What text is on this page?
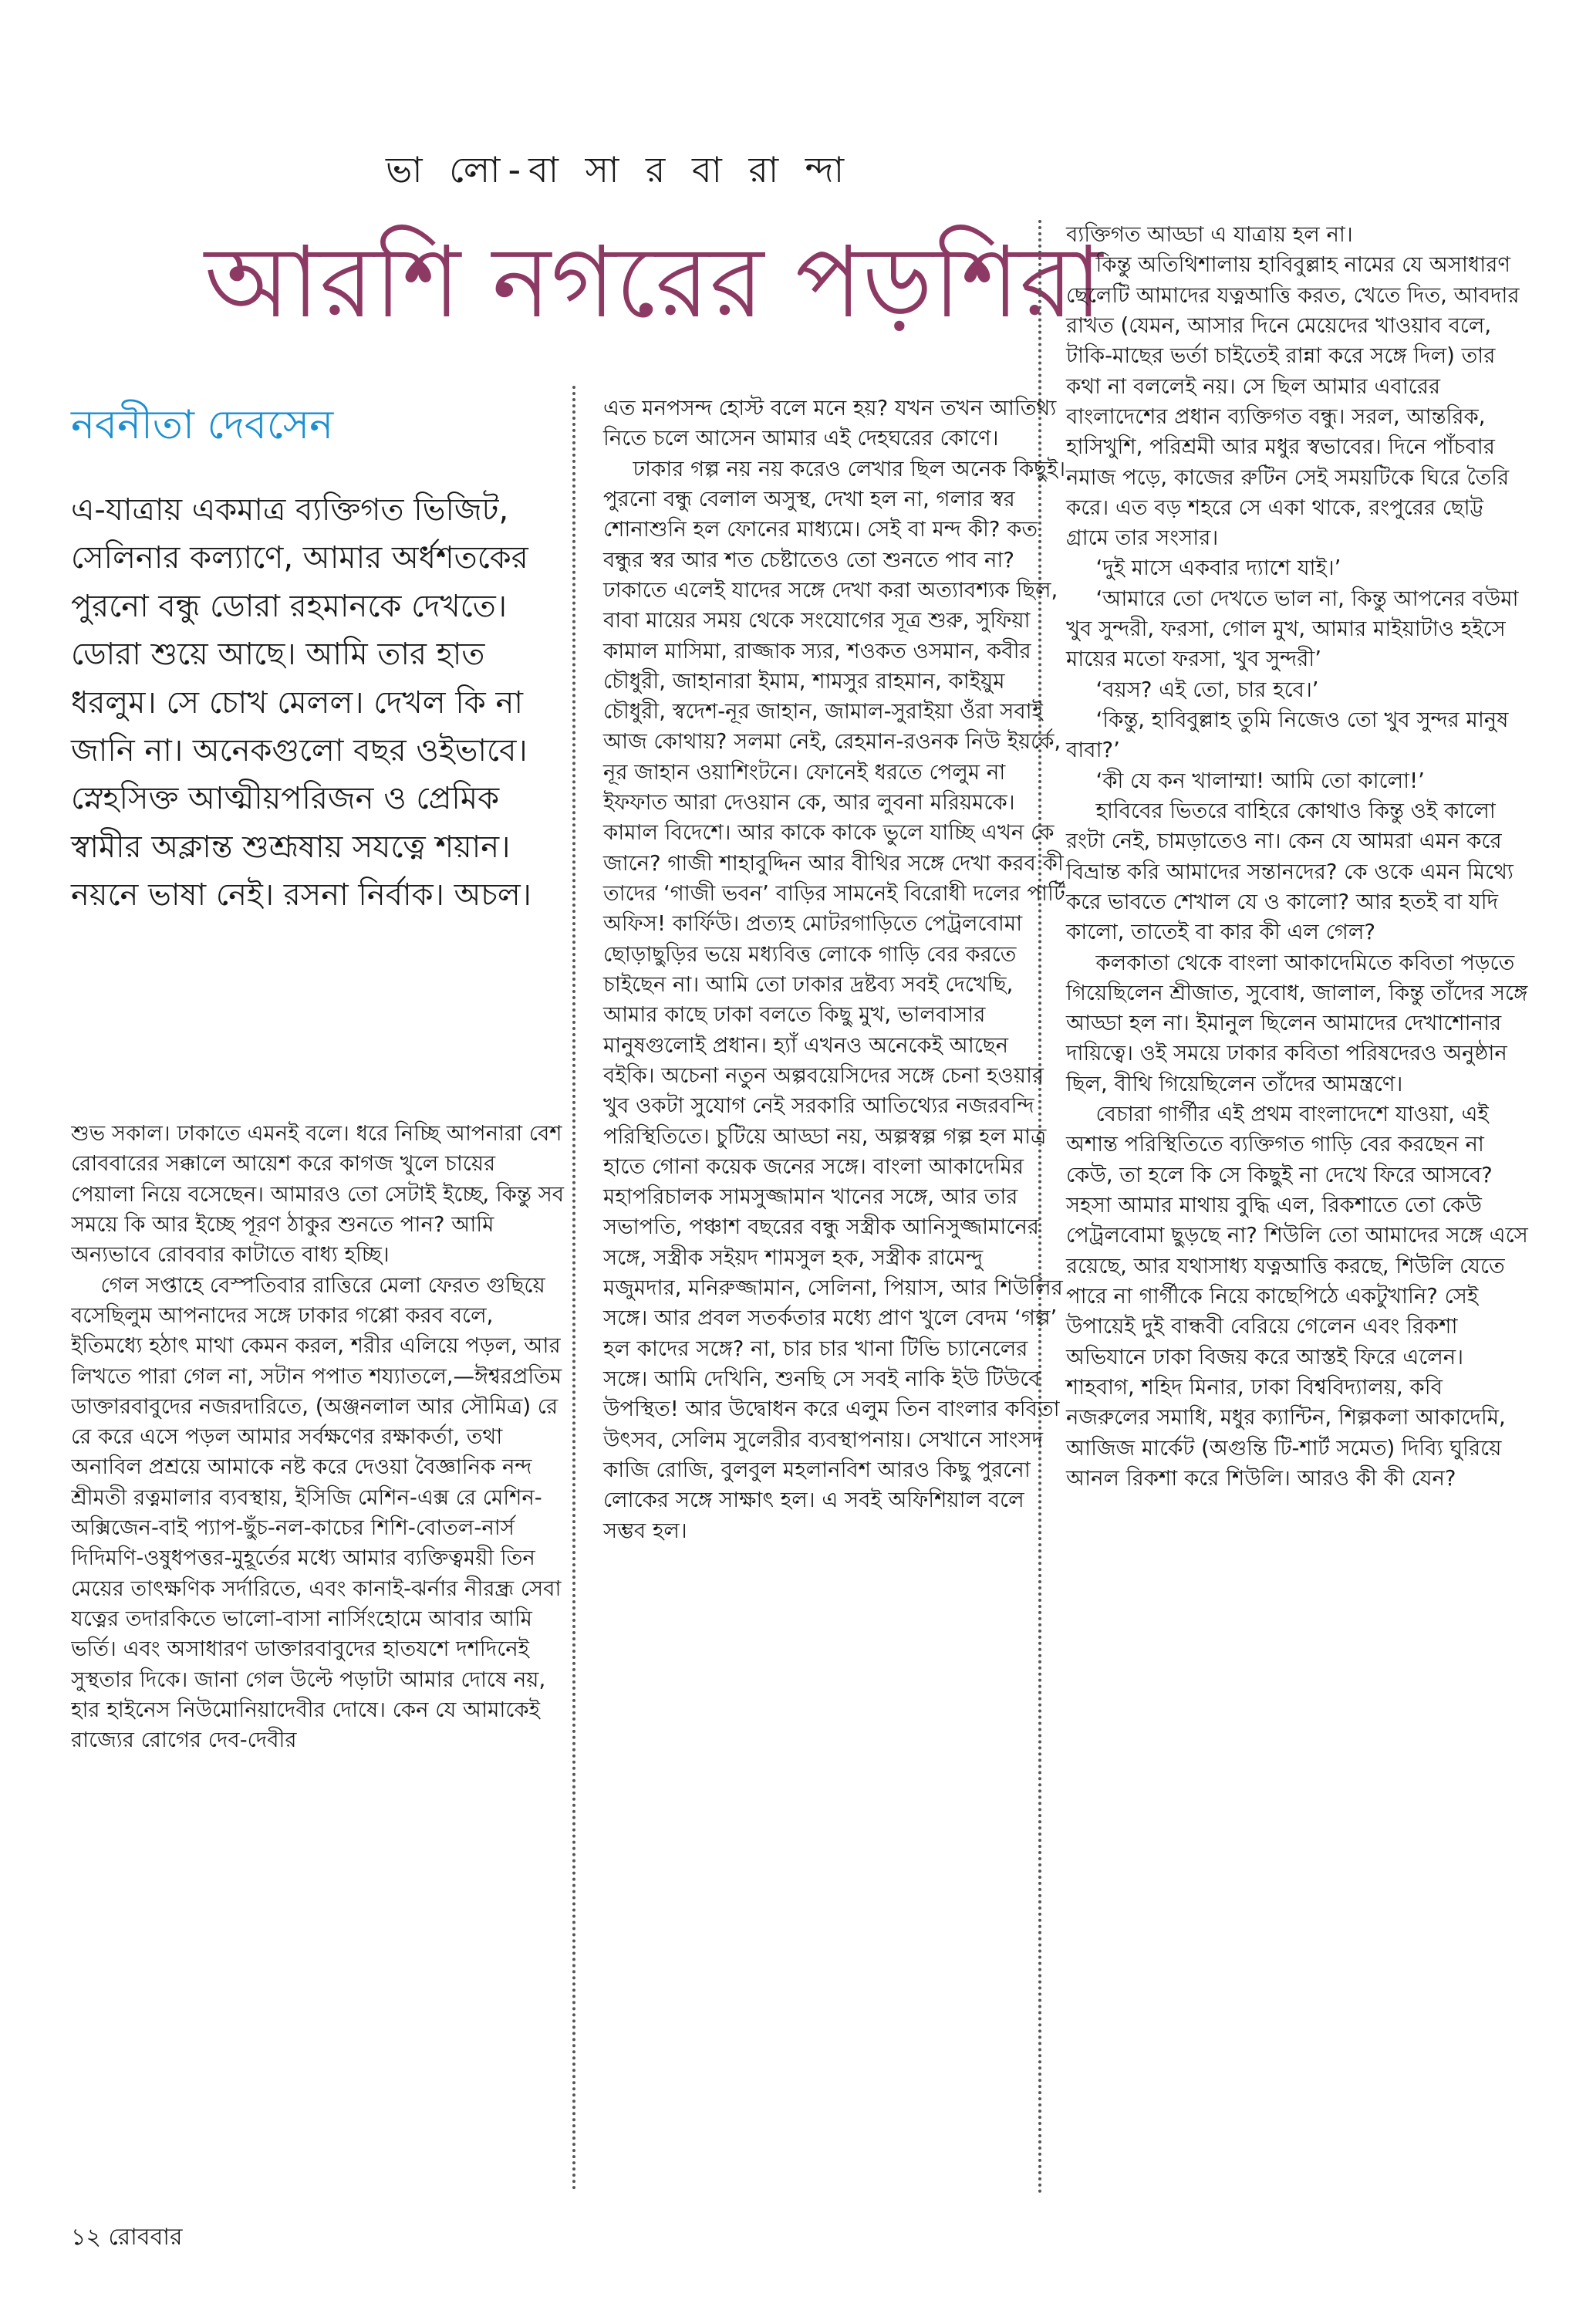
ভা লো-বা সা র বা রা ন্দা
আরশি নগরের পড়শিরা
নবনীতা দেবসেন
এ-যাত্রায় একমাত্র ব্যক্তিগত ভিজিট, সেলিনার কল্যাণে, আমার অর্ধশতকের পুরনো বন্ধু ডোরা রহমানকে দেখতে। ডোরা শুয়ে আছে। আমি তার হাত ধরলুম। সে চোখ মেলল। দেখল কি না জানি না। অনেকগুলো বছর ওইভাবে। স্নেহসিক্ত আত্মীয়পরিজন ও প্রেমিক স্বামীর অক্লান্ত শুশ্রূষায় সযত্নে শয়ান। নয়নে ভাষা নেই। রসনা নির্বাক। অচল।

শুভ সকাল। ঢাকাতে এমনই বলে। ধরে নিচ্ছি আপনারা বেশ রোববারের সক্কালে আয়েশ করে কাগজ খুলে চায়ের পেয়ালা নিয়ে বসেছেন। আমারও তো সেটাই ইচ্ছে, কিন্তু সব সময়ে কি আর ইচ্ছে পূরণ ঠাকুর শুনতে পান? আমি অন্যভাবে রোববার কাটাতে বাধ্য হচ্ছি।

গেল সপ্তাহে বেস্পতিবার রাত্তিরে মেলা ফেরত গুছিয়ে বসেছিলুম আপনাদের সঙ্গে ঢাকার গপ্পো করব বলে, ইতিমধ্যে হঠাৎ মাথা কেমন করল, শরীর এলিয়ে পড়ল, আর লিখতে পারা গেল না, সটান পপাত শয্যাতলে,—ঈশ্বরপ্রতিম ডাক্তারবাবুদের নজরদারিতে, (অঞ্জনলাল আর সৌমিত্র) রে রে করে এসে পড়ল আমার সর্বক্ষণের রক্ষাকর্তা, তথা অনাবিল প্রশ্রয়ে আমাকে নষ্ট করে দেওয়া বৈজ্ঞানিক নন্দ শ্রীমতী রত্নমালার ব্যবস্থায়, ইসিজি মেশিন-এক্স রে মেশিন-অক্সিজেন-বাই প্যাপ-ছুঁচ-নল-কাচের শিশি-বোতল-নার্স দিদিমণি-ওষুধপত্তর-মুহূর্তের মধ্যে আমার ব্যক্তিত্বময়ী তিন মেয়ের তাৎক্ষণিক সর্দারিতে, এবং কানাই-ঝর্নার নীরন্ধ্র সেবা যত্নের তদারকিতে ভালো-বাসা নার্সিংহোমে আবার আমি ভর্তি। এবং অসাধারণ ডাক্তারবাবুদের হাতযশে দশদিনেই সুস্থতার দিকে। জানা গেল উল্টে পড়াটা আমার দোষে নয়, হার হাইনেস নিউমোনিয়াদেবীর দোষে। কেন যে আমাকেই রাজ্যের রোগের দেব-দেবীর

এত মনপসন্দ হোস্ট বলে মনে হয়? যখন তখন আতিথ্য নিতে চলে আসেন আমার এই দেহঘরের কোণে।

ঢাকার গল্প নয় নয় করেও লেখার ছিল অনেক কিছুই। পুরনো বন্ধু বেলাল অসুস্থ, দেখা হল না, গলার স্বর শোনাশুনি হল ফোনের মাধ্যমে। সেই বা মন্দ কী? কত বন্ধুর স্বর আর শত চেষ্টাতেও তো শুনতে পাব না? ঢাকাতে এলেই যাদের সঙ্গে দেখা করা অত্যাবশ্যক ছিল, বাবা মায়ের সময় থেকে সংযোগের সূত্র শুরু, সুফিয়া কামাল মাসিমা, রাজ্জাক স্যর, শওকত ওসমান, কবীর চৌধুরী, জাহানারা ইমাম, শামসুর রাহমান, কাইয়ুম চৌধুরী, স্বদেশ-নূর জাহান, জামাল-সুরাইয়া ওঁরা সবাই আজ কোথায়? সলমা নেই, রেহমান-রওনক নিউ ইয়র্কে, নূর জাহান ওয়াশিংটনে। ফোনেই ধরতে পেলুম না ইফফাত আরা দেওয়ান কে, আর লুবনা মরিয়মকে। কামাল বিদেশে। আর কাকে কাকে ভুলে যাচ্ছি এখন কে জানে? গাজী শাহাবুদ্দিন আর বীথির সঙ্গে দেখা করব কী তাদের ‘গাজী ভবন’ বাড়ির সামনেই বিরোধী দলের পার্টি অফিস! কার্ফিউ। প্রত্যহ মোটরগাড়িতে পেট্রলবোমা ছোড়াছুড়ির ভয়ে মধ্যবিত্ত লোকে গাড়ি বের করতে চাইছেন না। আমি তো ঢাকার দ্রষ্টব্য সবই দেখেছি, আমার কাছে ঢাকা বলতে কিছু মুখ, ভালবাসার মানুষগুলোই প্রধান। হ্যাঁ এখনও অনেকেই আছেন বইকি। অচেনা নতুন অল্পবয়েসিদের সঙ্গে চেনা হওয়ার খুব ওকটা সুযোগ নেই সরকারি আতিথ্যের নজরবন্দি পরিস্থিতিতে। চুটিয়ে আড্ডা নয়, অল্পস্বল্প গল্প হল মাত্র হাতে গোনা কয়েক জনের সঙ্গে। বাংলা আকাদেমির মহাপরিচালক সামসুজ্জামান খানের সঙ্গে, আর তার সভাপতি, পঞ্চাশ বছরের বন্ধু সস্ত্রীক আনিসুজ্জামানের সঙ্গে, সস্ত্রীক সইয়দ শামসুল হক, সস্ত্রীক রামেন্দু মজুমদার, মনিরুজ্জামান, সেলিনা, পিয়াস, আর শিউলির সঙ্গে। আর প্রবল সতর্কতার মধ্যে প্রাণ খুলে বেদম ‘গল্প’ হল কাদের সঙ্গে? না, চার চার খানা টিভি চ্যানেলের সঙ্গে। আমি দেখিনি, শুনছি সে সবই নাকি ইউ টিউবে উপস্থিত! আর উদ্বোধন করে এলুম তিন বাংলার কবিতা উৎসব, সেলিম সুলেরীর ব্যবস্থাপনায়। সেখানে সাংসদ কাজি রোজি, বুলবুল মহলানবিশ আরও কিছু পুরনো লোকের সঙ্গে সাক্ষাৎ হল। এ সবই অফিশিয়াল বলে সম্ভব হল।

ব্যক্তিগত আড্ডা এ যাত্রায় হল না।

কিন্তু অতিথিশালায় হাবিবুল্লাহ নামের যে অসাধারণ ছেলেটি আমাদের যত্নআত্তি করত, খেতে দিত, আবদার রাখত (যেমন, আসার দিনে মেয়েদের খাওয়াব বলে, টাকি-মাছের ভর্তা চাইতেই রান্না করে সঙ্গে দিল) তার কথা না বললেই নয়। সে ছিল আমার এবারের বাংলাদেশের প্রধান ব্যক্তিগত বন্ধু। সরল, আন্তরিক, হাসিখুশি, পরিশ্রমী আর মধুর স্বভাবের। দিনে পাঁচবার নমাজ পড়ে, কাজের রুটিন সেই সময়টিকে ঘিরে তৈরি করে। এত বড় শহরে সে একা থাকে, রংপুরের ছোট্ট গ্রামে তার সংসার।

‘দুই মাসে একবার দ্যাশে যাই।’

‘আমারে তো দেখতে ভাল না, কিন্তু আপনের বউমা খুব সুন্দরী, ফরসা, গোল মুখ, আমার মাইয়াটাও হইসে মায়ের মতো ফরসা, খুব সুন্দরী’

‘বয়স? এই তো, চার হবে।’

‘কিন্তু, হাবিবুল্লাহ তুমি নিজেও তো খুব সুন্দর মানুষ বাবা?’

‘কী যে কন খালাম্মা! আমি তো কালো!’

হাবিবের ভিতরে বাহিরে কোথাও কিন্তু ওই কালো রংটা নেই, চামড়াতেও না। কেন যে আমরা এমন করে বিভ্রান্ত করি আমাদের সন্তানদের? কে ওকে এমন মিথ্যে করে ভাবতে শেখাল যে ও কালো? আর হতই বা যদি কালো, তাতেই বা কার কী এল গেল?

কলকাতা থেকে বাংলা আকাদেমিতে কবিতা পড়তে গিয়েছিলেন শ্রীজাত, সুবোধ, জালাল, কিন্তু তাঁদের সঙ্গে আড্ডা হল না। ইমানুল ছিলেন আমাদের দেখাশোনার দায়িত্বে। ওই সময়ে ঢাকার কবিতা পরিষদেরও অনুষ্ঠান ছিল, বীথি গিয়েছিলেন তাঁদের আমন্ত্রণে।

বেচারা গার্গীর এই প্রথম বাংলাদেশে যাওয়া, এই অশান্ত পরিস্থিতিতে ব্যক্তিগত গাড়ি বের করছেন না কেউ, তা হলে কি সে কিছুই না দেখে ফিরে আসবে? সহসা আমার মাথায় বুদ্ধি এল, রিকশাতে তো কেউ পেট্রলবোমা ছুড়ছে না? শিউলি তো আমাদের সঙ্গে এসে রয়েছে, আর যথাসাধ্য যত্নআত্তি করছে, শিউলি যেতে পারে না গার্গীকে নিয়ে কাছেপিঠে একটুখানি? সেই উপায়েই দুই বান্ধবী বেরিয়ে গেলেন এবং রিকশা অভিযানে ঢাকা বিজয় করে আস্তই ফিরে এলেন। শাহবাগ, শহিদ মিনার, ঢাকা বিশ্ববিদ্যালয়, কবি নজরুলের সমাধি, মধুর ক্যান্টিন, শিল্পকলা আকাদেমি, আজিজ মার্কেট (অগুন্তি টি-শার্ট সমেত) দিব্যি ঘুরিয়ে আনল রিকশা করে শিউলি। আরও কী কী যেন?

১২ রোববার
